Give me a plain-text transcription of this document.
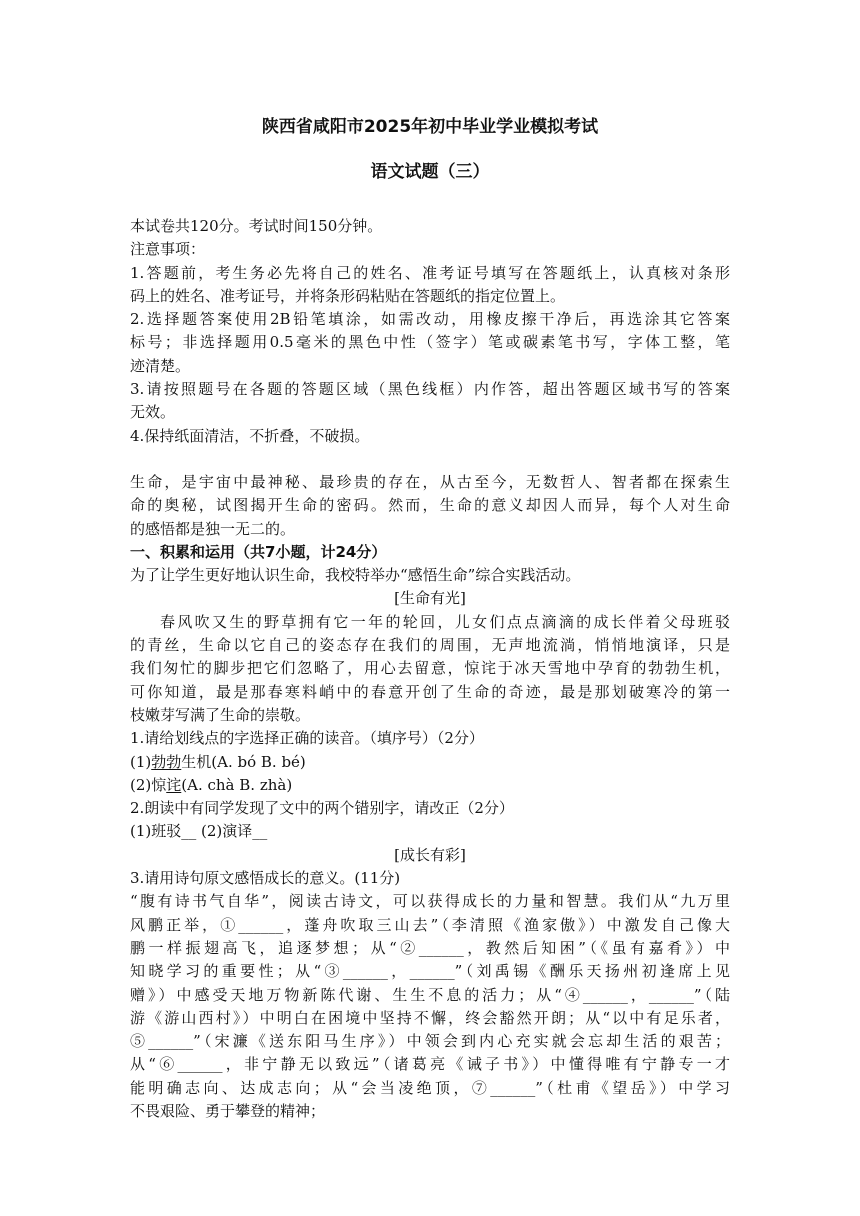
陕西省咸阳市2025年初中毕业学业模拟考试
语文试题（三）
本试卷共120分。考试时间150分钟。
注意事项：
1.答题前，考生务必先将自己的姓名、准考证号填写在答题纸上，认真核对条形
码上的姓名、准考证号，并将条形码粘贴在答题纸的指定位置上。
2.选择题答案使用2B铅笔填涂，如需改动，用橡皮擦干净后，再选涂其它答案
标号；非选择题用0.5毫米的黑色中性（签字）笔或碳素笔书写，字体工整，笔
迹清楚。
3.请按照题号在各题的答题区域（黑色线框）内作答，超出答题区域书写的答案
无效。
4.保持纸面清洁，不折叠，不破损。
生命，是宇宙中最神秘、最珍贵的存在，从古至今，无数哲人、智者都在探索生
命的奥秘，试图揭开生命的密码。然而，生命的意义却因人而异，每个人对生命
的感悟都是独一无二的。
一、积累和运用（共7小题，计24分）
为了让学生更好地认识生命，我校特举办“感悟生命”综合实践活动。
[生命有光]
春风吹又生的野草拥有它一年的轮回，儿女们点点滴滴的成长伴着父母班驳
的青丝，生命以它自己的姿态存在我们的周围，无声地流淌，悄悄地演译，只是
我们匆忙的脚步把它们忽略了，用心去留意，惊诧于冰天雪地中孕育的勃勃生机，
可你知道，最是那春寒料峭中的春意开创了生命的奇迹，最是那划破寒冷的第一
枝嫩芽写满了生命的崇敬。
1.请给划线点的字选择正确的读音。（填序号）（2分）
(1)勃勃生机(A. bó B. bé)
(2)惊诧(A. chà B. zhà)
2.朗读中有同学发现了文中的两个错别字，请改正（2分）
(1)班驳__ (2)演译__
[成长有彩]
3.请用诗句原文感悟成长的意义。(11分)
“腹有诗书气自华”，阅读古诗文，可以获得成长的力量和智慧。我们从“九万里
风鹏正举，①______，蓬舟吹取三山去”（李清照《渔家傲》）中激发自己像大
鹏一样振翅高飞，追逐梦想；从“②______，教然后知困”（《虽有嘉肴》）中
知晓学习的重要性；从“③______，______”（刘禹锡《酬乐天扬州初逢席上见
赠》）中感受天地万物新陈代谢、生生不息的活力；从“④______，______”（陆
游《游山西村》）中明白在困境中坚持不懈，终会豁然开朗；从“以中有足乐者，
⑤______”（宋濂《送东阳马生序》）中领会到内心充实就会忘却生活的艰苦；
从“⑥______，非宁静无以致远”（诸葛亮《诫子书》）中懂得唯有宁静专一才
能明确志向、达成志向；从“会当凌绝顶，⑦______”（杜甫《望岳》）中学习
不畏艰险、勇于攀登的精神；
